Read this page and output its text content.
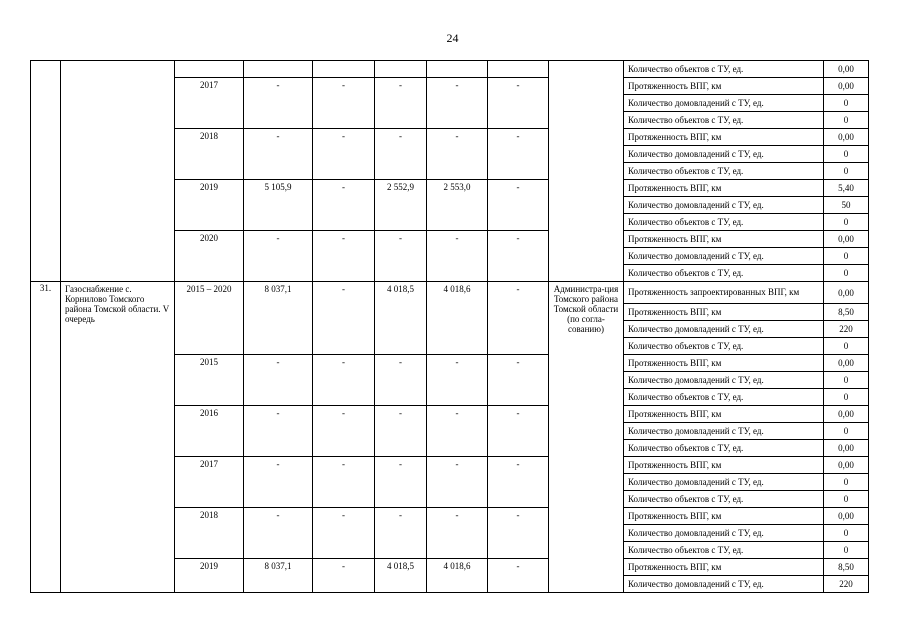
24
									Количество объектов с ТУ, ед.	0,00
		2017	-	-	-	-	-		Протяженность ВПГ, км	0,00
									Количество домовладений с ТУ, ед.	0
									Количество объектов с ТУ, ед.	0
		2018	-	-	-	-	-		Протяженность ВПГ, км	0,00
									Количество домовладений с ТУ, ед.	0
									Количество объектов с ТУ, ед.	0
		2019	5 105,9	-	2 552,9	2 553,0	-		Протяженность ВПГ, км	5,40
									Количество домовладений с ТУ, ед.	50
									Количество объектов с ТУ, ед.	0
		2020	-	-	-	-	-		Протяженность ВПГ, км	0,00
									Количество домовладений с ТУ, ед.	0
									Количество объектов с ТУ, ед.	0
31.	Газоснабжение с. Корнилово Томского района Томской области. V очередь	2015 – 2020	8 037,1	-	4 018,5	4 018,6	-	Администра-ция Томского района Томской области (по согла-сованию)	Протяженность запроектированных ВПГ, км	0,00
									Протяженность ВПГ, км	8,50
									Количество домовладений с ТУ, ед.	220
									Количество объектов с ТУ, ед.	0
		2015	-	-	-	-	-		Протяженность ВПГ, км	0,00
									Количество домовладений с ТУ, ед.	0
									Количество объектов с ТУ, ед.	0
		2016	-	-	-	-	-		Протяженность ВПГ, км	0,00
									Количество домовладений с ТУ, ед.	0
									Количество объектов с ТУ, ед.	0,00
		2017	-	-	-	-	-		Протяженность ВПГ, км	0,00
									Количество домовладений с ТУ, ед.	0
									Количество объектов с ТУ, ед.	0
		2018	-	-	-	-	-		Протяженность ВПГ, км	0,00
									Количество домовладений с ТУ, ед.	0
									Количество объектов с ТУ, ед.	0
		2019	8 037,1	-	4 018,5	4 018,6	-		Протяженность ВПГ, км	8,50
									Количество домовладений с ТУ, ед.	220
